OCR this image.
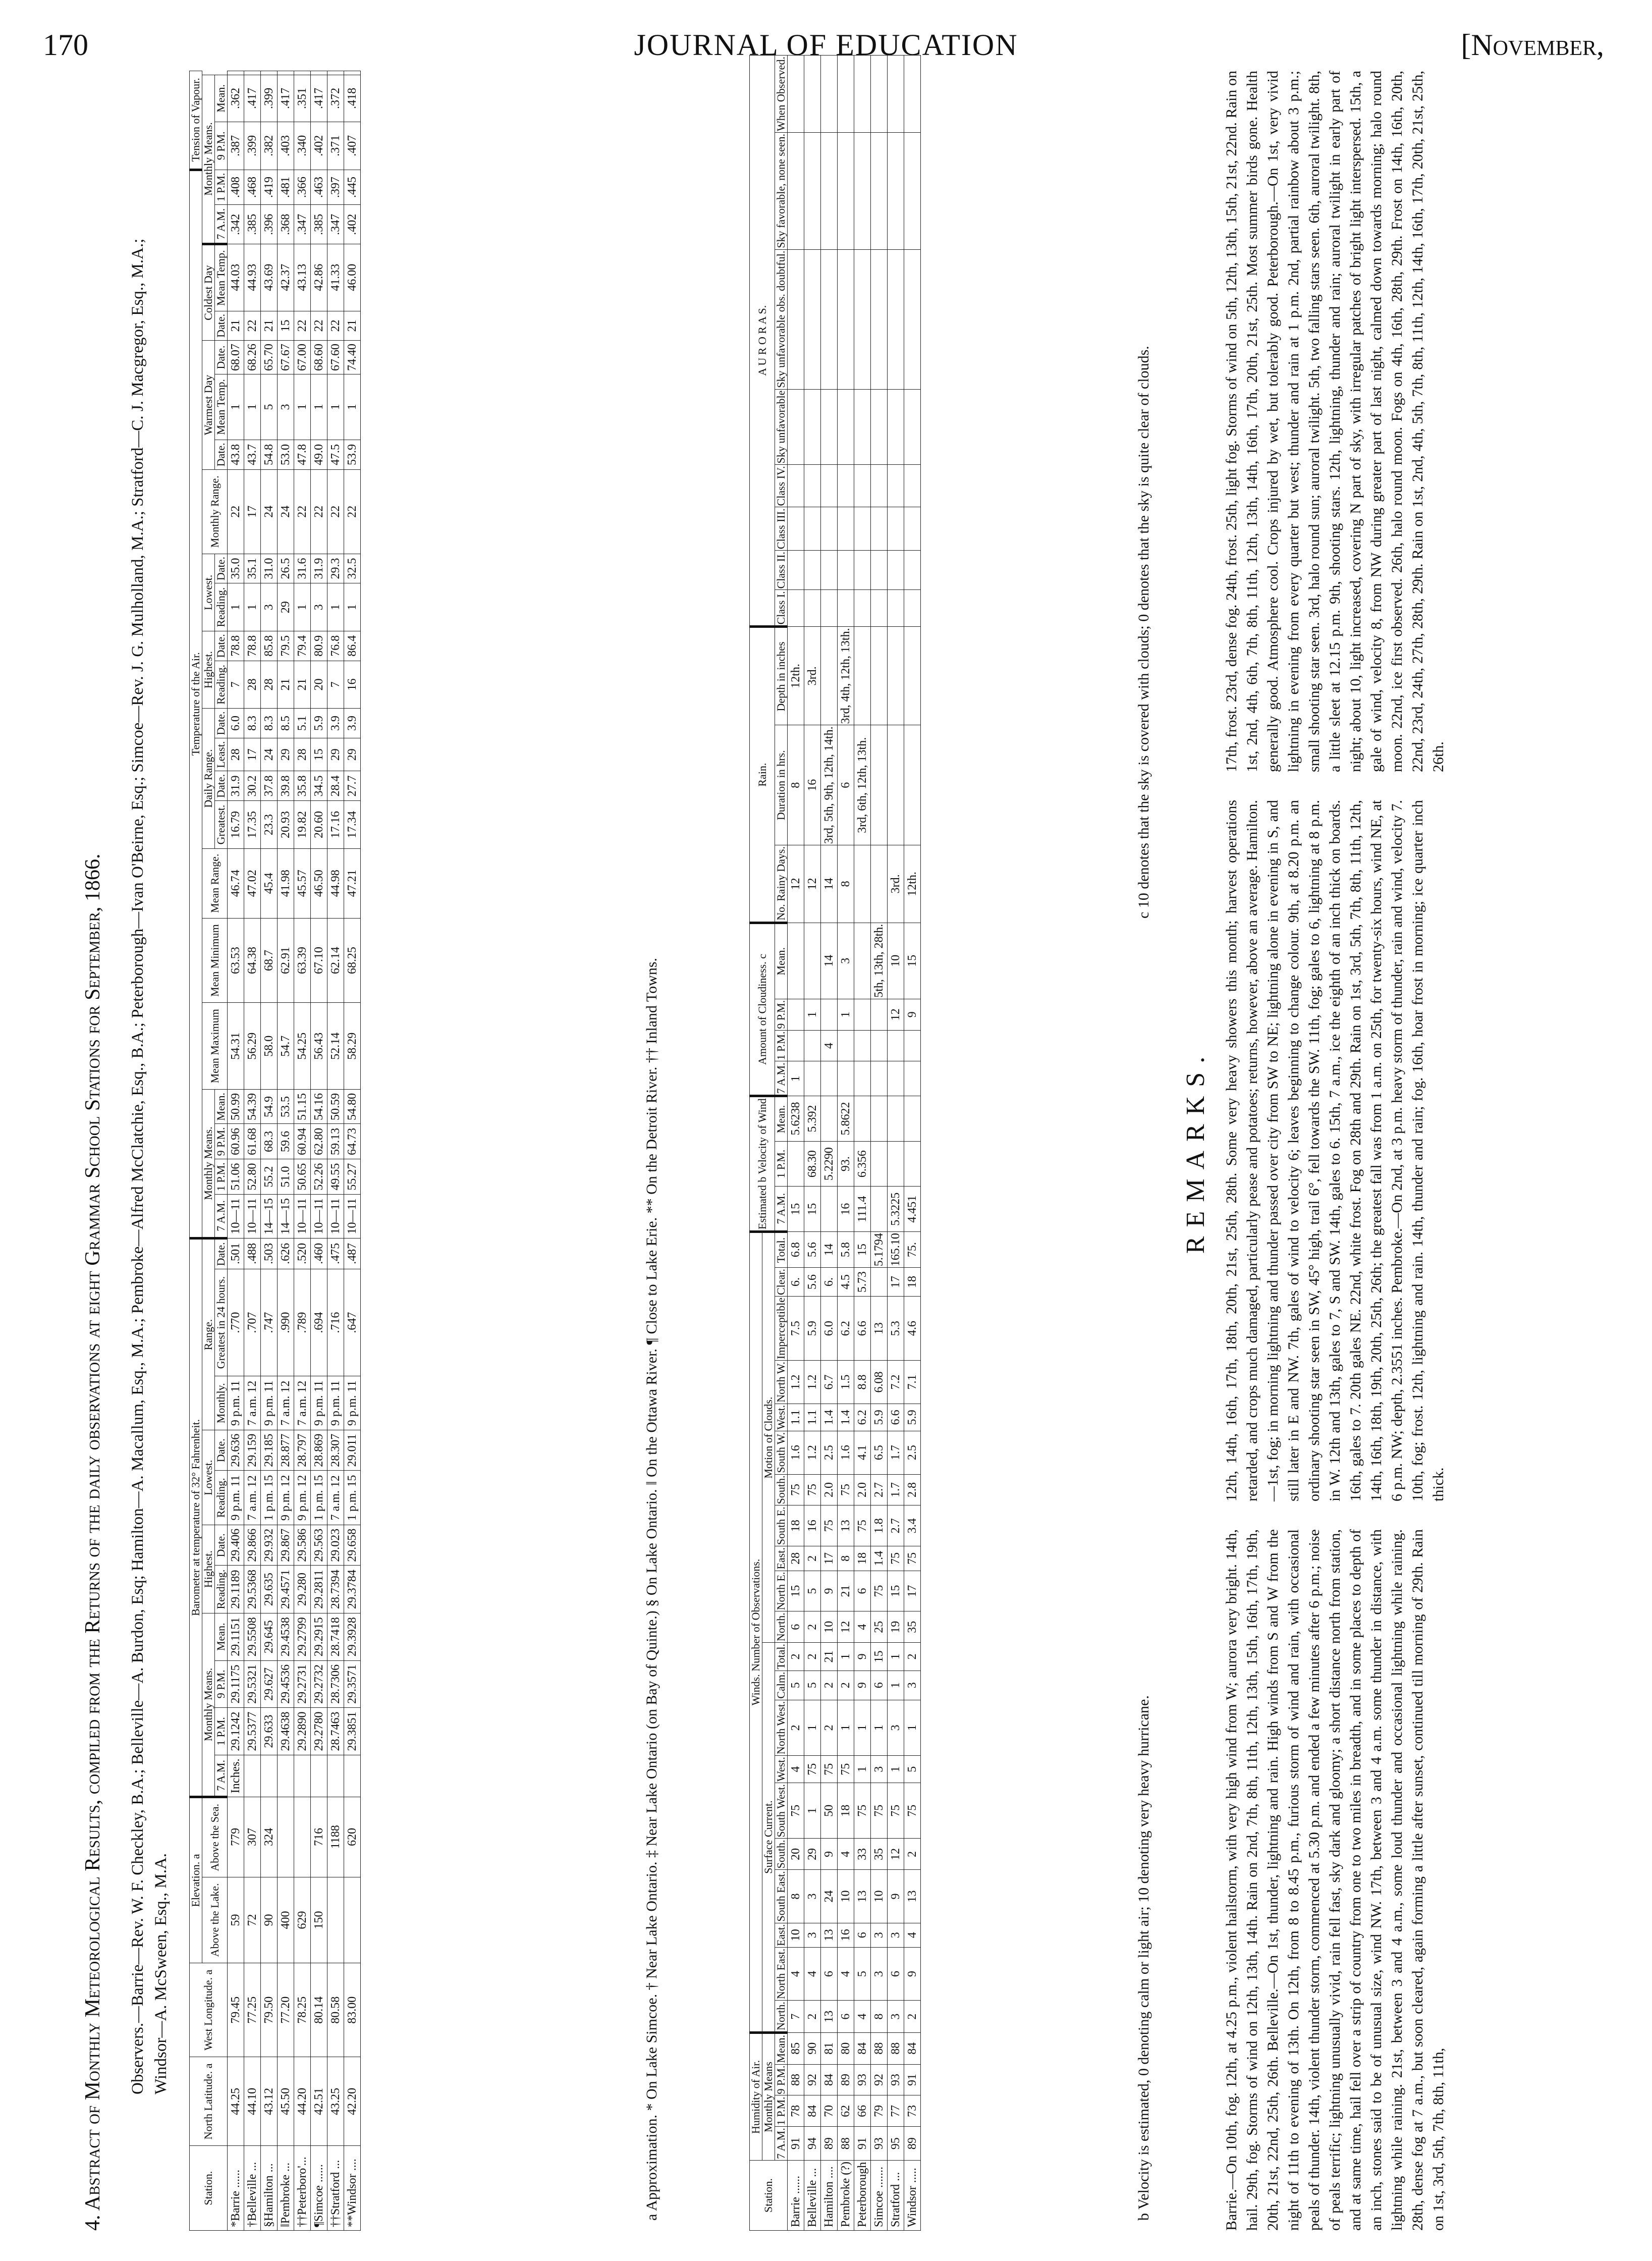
170	JOURNAL OF EDUCATION	[November,
4. Abstract of Monthly Meteorological Results, compiled from the Returns of the daily observations at eight Grammar School Stations for September, 1866. Observers.—Barrie—Rev. W. F. Checkley, B.A.; Belleville—A. Burdon, Esq; Hamilton—A. Macallum, Esq., M.A.; Pembroke—Alfred McClatchie, Esq., B.A.; Peterborough—Ivan O'Beirne, Esq.; Simcoe—Rev. J. G. Mulholland, M.A.; Stratford—C. J. Macgregor, Esq., M.A.; Windsor—A. McSween, Esq., M.A.
Station.	North Latitude. a	West Longitude. a	Elevation. a		Barometer at temperature of 32° Fahrenheit.											Temperature of the Air.																							Tension of Vapour.		
			Above the Lake.	Above the Sea.	Monthly Means.				Highest.		Lowest.		Range.			Monthly Means.				Mean Maximum	Mean Minimum	Mean Range.	Daily Range.				Highest.		Lowest.		Monthly Range.	Warmest Day			Coldest Day		Monthly Means.				
					7 A.M.	1 P.M.	9 P.M.	Mean.	Reading.	Date.	Reading.	Date.	Monthly.	Greatest in 24 hours.	Date.	7 A.M.	1 P.M.	9 P.M.	Mean.				Greatest.	Date.	Least.	Date.	Reading.	Date.	Reading.	Date.		Date.	Mean Temp.	Date.	Date.	Mean Temp.	7 A.M.	1 P.M.	9 P.M.	Mean.	
*Barrie ......	44.25	79.45	59	779	Inches.	29.1242	29.1175	29.1151	29.1189	29.406	9 p.m. 11	29.636	9 p.m. 11	.770	.501	10—11	51.06	60.96	50.99	54.31	63.53	46.74	16.79	31.9	28	6.0	7	78.8	1	35.0	22	43.8	1	68.07	21	44.03	.342	.408	.387	.362	
†Belleville ...	44.10	77.25	72	307		29.5377	29.5321	29.5508	29.5368	29.866	7 a.m. 12	29.159	7 a.m. 12	.707	.488	10—11	52.80	61.68	54.39	56.29	64.38	47.02	17.35	30.2	17	8.3	28	78.8	1	35.1	17	43.7	1	68.26	22	44.93	.385	.468	.399	.417	
§Hamilton ...	43.12	79.50	90	324		29.633	29.627	29.645	29.635	29.932	1 p.m. 15	29.185	9 p.m. 11	.747	.503	14—15	55.2	68.3	54.9	58.0	68.7	45.4	23.3	37.8	24	8.3	28	85.8	3	31.0	24	54.8	5	65.70	21	43.69	.396	.419	.382	.399	
‖Pembroke ...	45.50	77.20	400			29.4638	29.4536	29.4538	29.4571	29.867	9 p.m. 12	28.877	7 a.m. 12	.990	.626	14—15	51.0	59.6	53.5	54.7	62.91	41.98	20.93	39.8	29	8.5	21	79.5	29	26.5	24	53.0	3	67.67	15	42.37	.368	.481	.403	.417	
††Peterboro'...	44.20	78.25	629			29.2890	29.2731	29.2799	29.280	29.586	9 p.m. 12	28.797	7 a.m. 12	.789	.520	10—11	50.65	60.94	51.15	54.25	63.39	45.57	19.82	35.8	28	5.1	21	79.4	1	31.6	22	47.8	1	67.00	22	43.13	.347	.366	.340	.351	
¶Simcoe ......	42.51	80.14	150	716		29.2780	29.2732	29.2915	29.2811	29.563	1 p.m. 15	28.869	9 p.m. 11	.694	.460	10—11	52.26	62.80	54.16	56.43	67.10	46.50	20.60	34.5	15	5.9	20	80.9	3	31.9	22	49.0	1	68.60	22	42.86	.385	.463	.402	.417	
††Stratford ...	43.25	80.58		1188		28.7463	28.7306	28.7418	28.7394	29.023	7 a.m. 12	28.307	9 p.m. 11	.716	.475	10—11	49.55	59.13	50.59	52.14	62.14	44.98	17.16	28.4	29	3.9	7	76.8	1	29.3	22	47.5	1	67.60	22	41.33	.347	.397	.371	.372	
**Windsor ....	42.20	83.00		620		29.3851	29.3571	29.3928	29.3784	29.658	1 p.m. 15	29.011	9 p.m. 11	.647	.487	10—11	55.27	64.73	54.80	58.29	68.25	47.21	17.34	27.7	29	3.9	16	86.4	1	32.5	22	53.9	1	74.40	21	46.00	.402	.445	.407	.418	
a Approximation. * On Lake Simcoe. † Near Lake Ontario. ‡ Near Lake Ontario (on Bay of Quinte.) § On Lake Ontario. ‖ On the Ottawa River. ¶ Close to Lake Erie. ** On the Detroit River. †† Inland Towns.	Station.	Humidity of Air.				Winds. Number of Observations.																					Estimated b Velocity of Wind			Amount of Cloudiness. c				Rain.			A U R O R A S.							
	Monthly Means				Surface Current.										Motion of Clouds.																												
	7 A.M.	1 P.M.	9 P.M.	Mean.	North.	North East.	East.	South East.	South.	South West.	West.	North West.	Calm.	Total.	North.	North E.	East.	South E.	South.	South W.	West.	North W.	Imperceptible	Clear.	Total.	7 A.M.	1 P.M.	Mean.	7 A.M.	1 P.M.	9 P.M.	Mean.	No. Rainy Days.	Duration in hrs.	Depth in inches	Class I.	Class II.	Class III.	Class IV.	Sky unfavorable	Sky unfavorable obs. doubtful.	Sky favorable, none seen.	When Observed.
Barrie ......	91	78	88	85	7	4	10	8	20	75	4	2	5	2	6	15	28	18	75	1.6	1.1	1.2	7.5	6.	6.8	15		5.6238	1				12	8	12th.								
Belleville ...	94	84	92	90	2	4	3	3	29	1	75	1	5	2	2	5	2	16	75	1.2	1.1	1.2	5.9	5.6	5.6	15	68.30	5.392			1		12	16	3rd.								
Hamilton ....	89	70	84	81	13	6	13	24	9	50	75	2	2	21	10	9	17	75	2.0	2.5	1.4	6.7	6.0	6.	14		5.2290			4		14	14	3rd, 5th, 9th, 12th, 14th.									
Pembroke (?)	88	62	89	80	6	4	16	10	4	18	75	1	2	1	12	21	8	13	75	1.6	1.4	1.5	6.2	4.5	5.8	16	93.	5.8622			1	3	8	6	3rd, 4th, 12th, 13th.								
Peterborough	91	66	93	84	4	5	6	13	33	75	1	1	9	9	4	6	18	75	2.0	4.1	6.2	8.8	6.6	5.73	15	111.4	6.356							3rd, 6th, 12th, 13th.									
Simcoe .......	93	79	92	88	8	3	3	10	35	75	3	1	6	15	25	75	1.4	1.8	2.7	6.5	5.9	6.08	13		5.1794							5th, 13th, 28th.											
Stratford ...	95	77	93	88	3	6	3	9	12	75	1	3	1	1	19	15	75	2.7	1.7	1.7	6.6	7.2	5.3	17	165.10	5.3225					12	10	3rd.										
Windsor .....	89	73	91	84	2	9	4	13	2	75	5	1	3	2	35	17	75	3.4	2.8	2.5	5.9	7.1	4.6	18	75.	4.451					9	15	12th.										
b Velocity is estimated, 0 denoting calm or light air; 10 denoting very heavy hurricane.
c 10 denotes that the sky is covered with clouds; 0 denotes that the sky is quite clear of clouds.
REMARKS.
Barrie.—On 10th, fog. 12th, at 4.25 p.m., violent hailstorm, with very high wind from W; aurora very bright. 14th, hail. 29th, fog. Storms of wind on 12th, 13th, 14th. Rain on 2nd, 7th, 8th, 11th, 12th, 13th, 15th, 16th, 17th, 19th, 20th, 21st, 22nd, 25th, 26th. Belleville.—On 1st, thunder, lightning and rain. High winds from S and W from the night of 11th to evening of 13th. On 12th, from 8 to 8.45 p.m., furious storm of wind and rain, with occasional peals of thunder. 14th, violent thunder storm, commenced at 5.30 p.m. and ended a few minutes after 6 p.m.; noise of peals terrific; lightning unusually vivid, rain fell fast, sky dark and gloomy; a short distance north from station, and at same time, hail fell over a strip of country from one to two miles in breadth, and in some places to depth of an inch, stones said to be of unusual size, wind NW. 17th, between 3 and 4 a.m. some thunder in distance, with lightning while raining. 21st, between 3 and 4 a.m., some loud thunder and occasional lightning while raining. 28th, dense fog at 7 a.m., but soon cleared, again forming a little after sunset, continued till morning of 29th. Rain on 1st, 3rd, 5th, 7th, 8th, 11th,
12th, 14th, 16th, 17th, 18th, 20th, 21st, 25th, 28th. Some very heavy showers this month; harvest operations retarded, and crops much damaged, particularly pease and potatoes; returns, however, above an average. Hamilton.—1st, fog; in morning lightning and thunder passed over city from SW to NE; lightning alone in evening in S, and still later in E and NW. 7th, gales of wind to velocity 6; leaves beginning to change colour. 9th, at 8.20 p.m. an ordinary shooting star seen in SW, 45° high, trail 6°, fell towards the SW. 11th, fog; gales to 6, lightning at 8 p.m. in W. 12th and 13th, gales to 7, S and SW. 14th, gales to 6. 15th, 7 a.m., ice the eighth of an inch thick on boards. 16th, gales to 7. 20th gales NE. 22nd, white frost. Fog on 28th and 29th. Rain on 1st, 3rd, 5th, 7th, 8th, 11th, 12th, 14th, 16th, 18th, 19th, 20th, 25th, 26th; the greatest fall was from 1 a.m. on 25th, for twenty-six hours, wind NE, at 6 p.m. NW; depth, 2.3551 inches. Pembroke.—On 2nd, at 3 p.m. heavy storm of thunder, rain and wind, velocity 7. 10th, fog; frost. 12th, lightning and rain. 14th, thunder and rain; fog. 16th, hoar frost in morning; ice quarter inch thick.
17th, frost. 23rd, dense fog. 24th, frost. 25th, light fog. Storms of wind on 5th, 12th, 13th, 15th, 21st, 22nd. Rain on 1st, 2nd, 4th, 6th, 7th, 8th, 11th, 12th, 13th, 14th, 16th, 17th, 20th, 21st, 25th. Most summer birds gone. Health generally good. Atmosphere cool. Crops injured by wet, but tolerably good. Peterborough.—On 1st, very vivid lightning in evening from every quarter but west; thunder and rain at 1 p.m. 2nd, partial rainbow about 3 p.m.; small shooting star seen. 3rd, halo round sun; auroral twilight. 5th, two falling stars seen. 6th, auroral twilight. 8th, a little sleet at 12.15 p.m. 9th, shooting stars. 12th, lightning, thunder and rain; auroral twilight in early part of night; about 10, light increased, covering N part of sky, with irregular patches of bright light interspersed. 15th, a gale of wind, velocity 8, from NW during greater part of last night, calmed down towards morning; halo round moon. 22nd, ice first observed. 26th, halo round moon. Fogs on 4th, 16th, 28th, 29th. Frost on 14th, 16th, 20th, 22nd, 23rd, 24th, 27th, 28th, 29th. Rain on 1st, 2nd, 4th, 5th, 7th, 8th, 11th, 12th, 14th, 16th, 17th, 20th, 21st, 25th, 26th.
